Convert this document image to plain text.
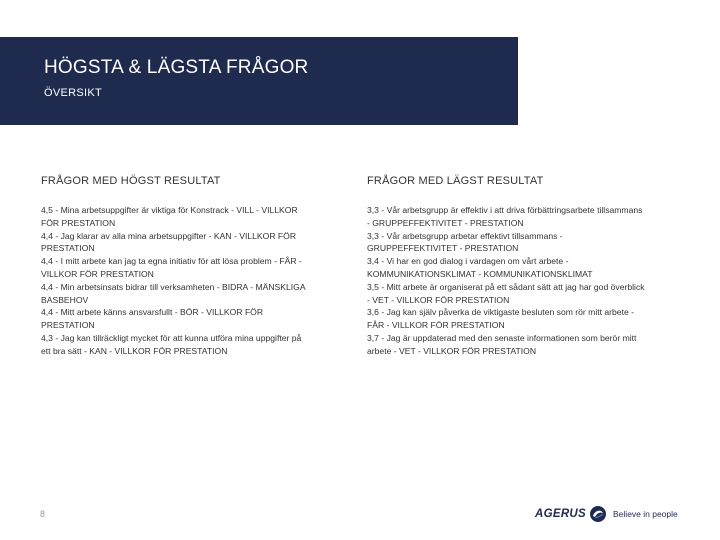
HÖGSTA & LÄGSTA FRÅGOR
ÖVERSIKT
FRÅGOR MED HÖGST RESULTAT
4,5 - Mina arbetsuppgifter är viktiga för Konstrack - VILL - VILLKOR FÖR PRESTATION
4,4 - Jag klarar av alla mina arbetsuppgifter - KAN - VILLKOR FÖR PRESTATION
4,4 - I mitt arbete kan jag ta egna initiativ för att lösa problem - FÅR - VILLKOR FÖR PRESTATION
4,4 - Min arbetsinsats bidrar till verksamheten - BIDRA - MÄNSKLIGA BASBEHOV
4,4 - Mitt arbete känns ansvarsfullt - BÖR - VILLKOR FÖR PRESTATION
4,3 - Jag kan tillräckligt mycket för att kunna utföra mina uppgifter på ett bra sätt - KAN - VILLKOR FÖR PRESTATION
FRÅGOR MED LÄGST RESULTAT
3,3 - Vår arbetsgrupp är effektiv i att driva förbättringsarbete tillsammans - GRUPPEFFEKTIVITET - PRESTATION
3,3 - Vår arbetsgrupp arbetar effektivt tillsammans - GRUPPEFFEKTIVITET - PRESTATION
3,4 - Vi har en god dialog i vardagen om vårt arbete - KOMMUNIKATIONSKLIMAT - KOMMUNIKATIONSKLIMAT
3,5 - Mitt arbete är organiserat på ett sådant sätt att jag har god överblick - VET - VILLKOR FÖR PRESTATION
3,6 - Jag kan själv påverka de viktigaste besluten som rör mitt arbete - FÅR - VILLKOR FÖR PRESTATION
3,7 - Jag är uppdaterad med den senaste informationen som berör mitt arbete - VET - VILLKOR FÖR PRESTATION
8	AGERUS	Believe in people
